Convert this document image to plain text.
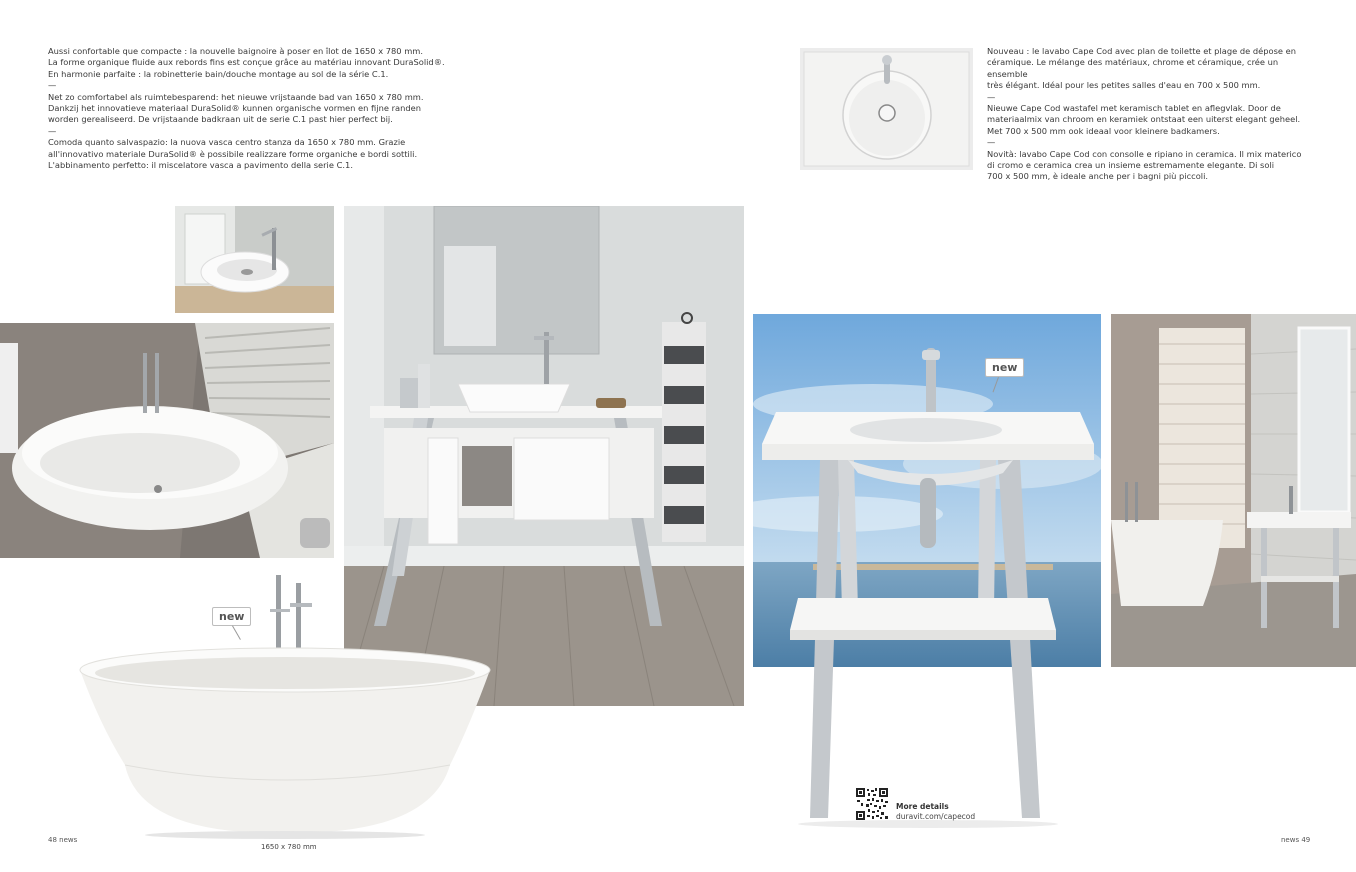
Aussi confortable que compacte : la nouvelle baignoire à poser en îlot de 1650 x 780 mm.

La forme organique fluide aux rebords fins est conçue grâce au matériau innovant DuraSolid®.

En harmonie parfaite : la robinetterie bain/douche montage au sol de la série C.1.

—

Net zo comfortabel als ruimtebesparend: het nieuwe vrijstaande bad van 1650 x 780 mm.

Dankzij het innovatieve materiaal DuraSolid® kunnen organische vormen en fijne randen

worden gerealiseerd. De vrijstaande badkraan uit de serie C.1 past hier perfect bij.

—

Comoda quanto salvaspazio: la nuova vasca centro stanza da 1650 x 780 mm. Grazie

all'innovativo materiale DuraSolid® è possibile realizzare forme organiche e bordi sottili.

L'abbinamento perfetto: il miscelatore vasca a pavimento della serie C.1.

Nouveau : le lavabo Cape Cod avec plan de toilette et plage de dépose en

céramique. Le mélange des matériaux, chrome et céramique, crée un ensemble

très élégant. Idéal pour les petites salles d'eau en 700 x 500 mm.

—

Nieuwe Cape Cod wastafel met keramisch tablet en aflegvlak. Door de

materiaalmix van chroom en keramiek ontstaat een uiterst elegant geheel.

Met 700 x 500 mm ook ideaal voor kleinere badkamers.

—

Novità: lavabo Cape Cod con consolle e ripiano in ceramica. Il mix materico

di cromo e ceramica crea un insieme estremamente elegante. Di soli

700 x 500 mm, è ideale anche per i bagni più piccoli.

new
1650 x 780 mm
new
More details
duravit.com/capecod
48 news	news 49
